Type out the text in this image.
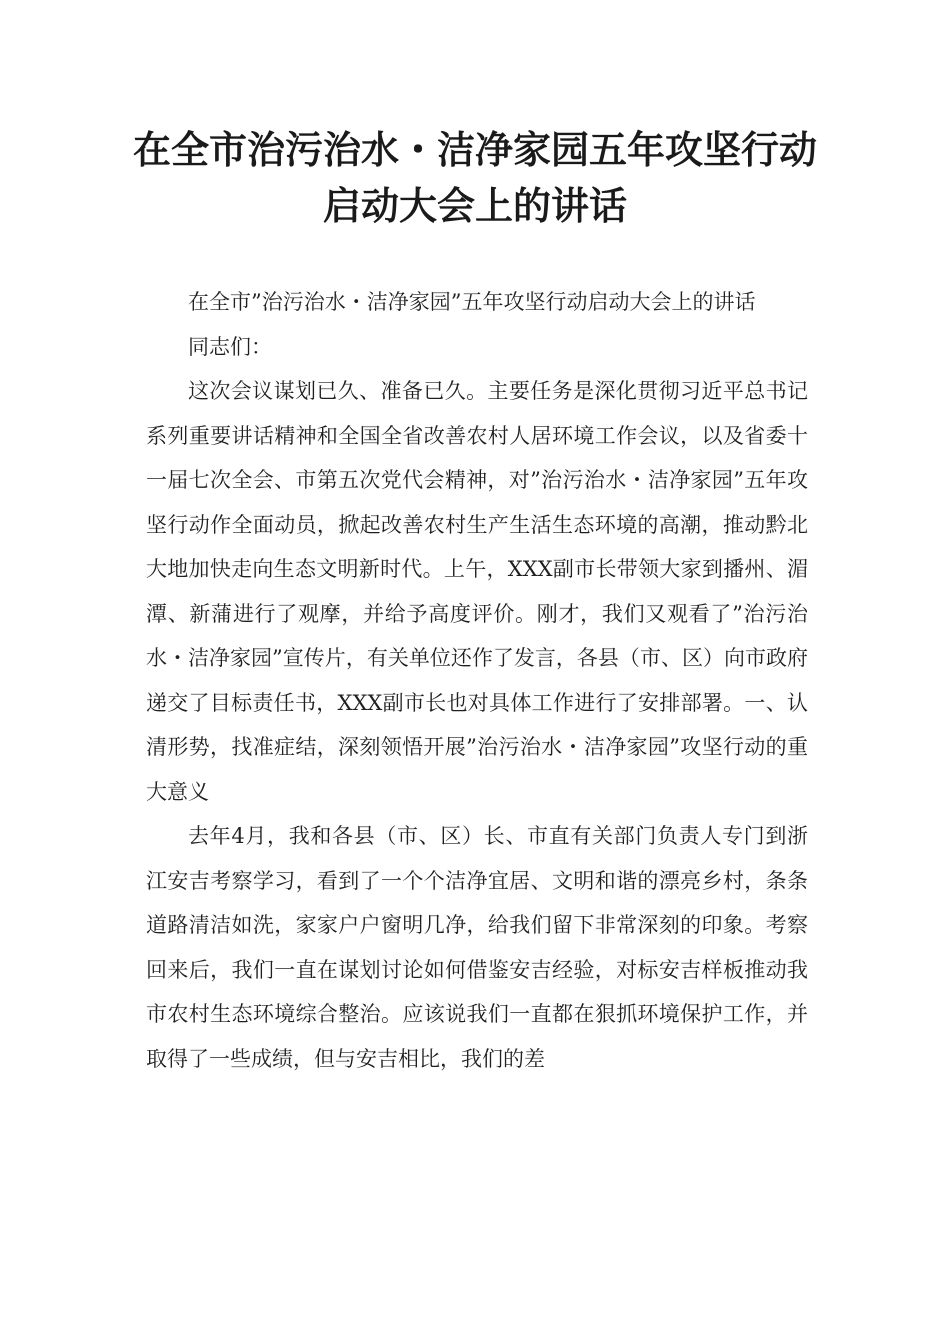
在全市治污治水・洁净家园五年攻坚行动启动大会上的讲话

在全市”治污治水・洁净家园”五年攻坚行动启动大会上的讲话

同志们：

这次会议谋划已久、准备已久。主要任务是深化贯彻习近平总书记系列重要讲话精神和全国全省改善农村人居环境工作会议，以及省委十一届七次全会、市第五次党代会精神，对”治污治水・洁净家园”五年攻坚行动作全面动员，掀起改善农村生产生活生态环境的高潮，推动黔北大地加快走向生态文明新时代。上午，XXX副市长带领大家到播州、湄潭、新蒲进行了观摩，并给予高度评价。刚才，我们又观看了”治污治水・洁净家园”宣传片，有关单位还作了发言，各县（市、区）向市政府递交了目标责任书，XXX副市长也对具体工作进行了安排部署。一、认清形势，找准症结，深刻领悟开展”治污治水・洁净家园”攻坚行动的重大意义

去年4月，我和各县（市、区）长、市直有关部门负责人专门到浙江安吉考察学习，看到了一个个洁净宜居、文明和谐的漂亮乡村，条条道路清洁如洗，家家户户窗明几净，给我们留下非常深刻的印象。考察回来后，我们一直在谋划讨论如何借鉴安吉经验，对标安吉样板推动我市农村生态环境综合整治。应该说我们一直都在狠抓环境保护工作，并取得了一些成绩，但与安吉相比，我们的差
